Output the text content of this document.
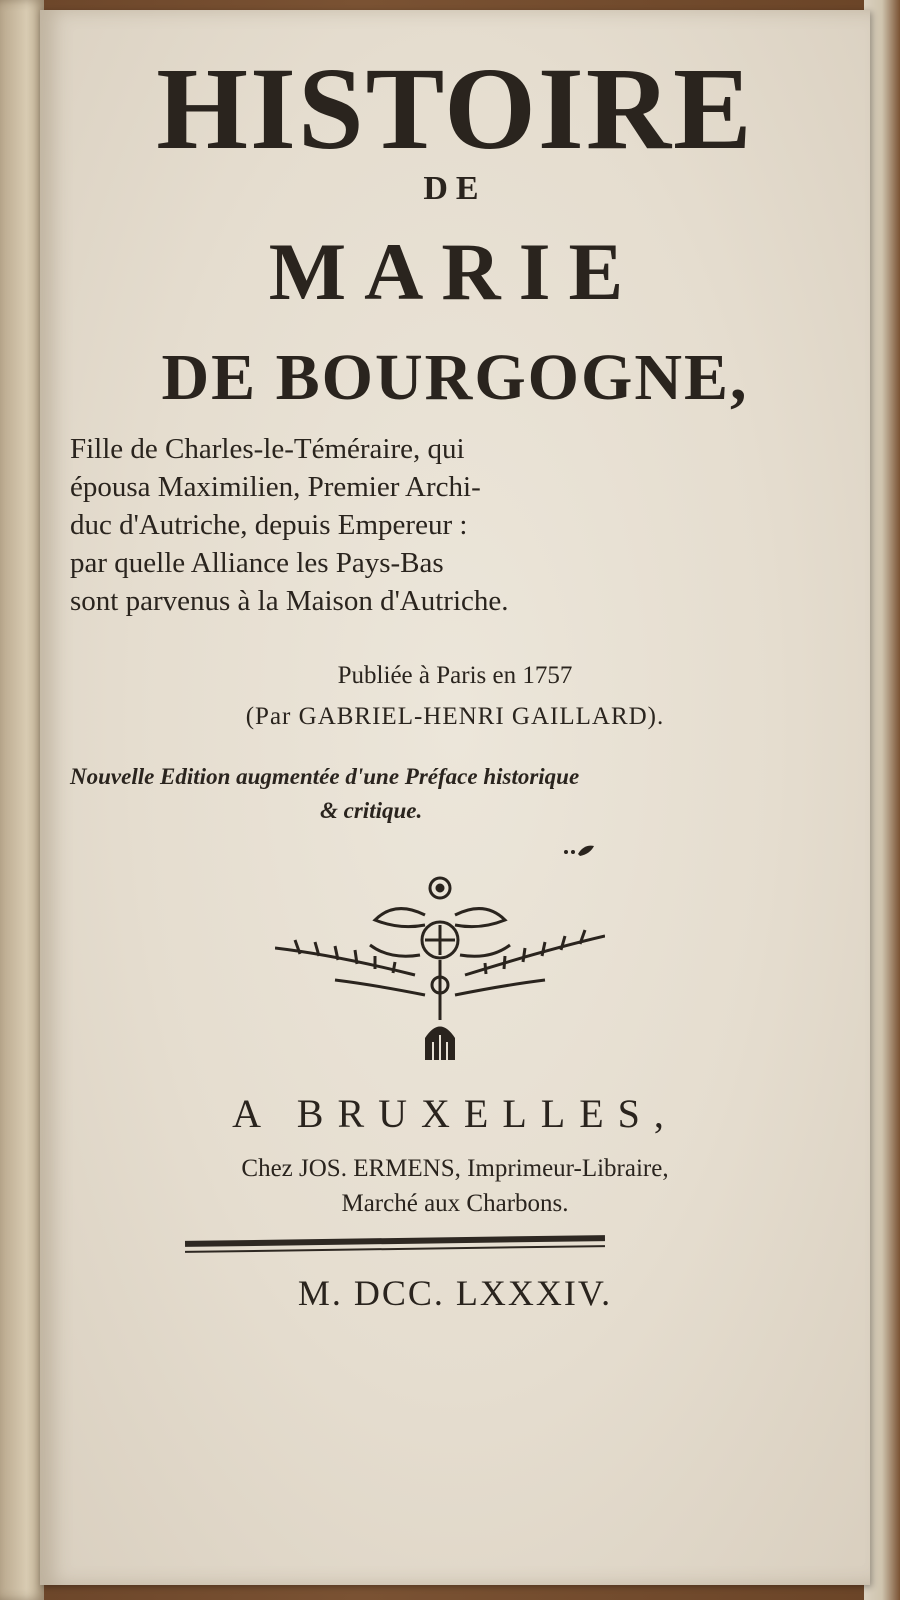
HISTOIRE
DE
MARIE
DE BOURGOGNE,
Fille de Charles-le-Téméraire, qui
épousa Maximilien, Premier Archi-
duc d'Autriche, depuis Empereur :
par quelle Alliance les Pays-Bas
sont parvenus à la Maison d'Autriche.
Publiée à Paris en 1757
(Par GABRIEL-HENRI GAILLARD).
Nouvelle Edition augmentée d'une Préface historique
& critique.
A BRUXELLES,
Chez JOS. ERMENS, Imprimeur-Libraire,
Marché aux Charbons.
M. DCC. LXXXIV.
